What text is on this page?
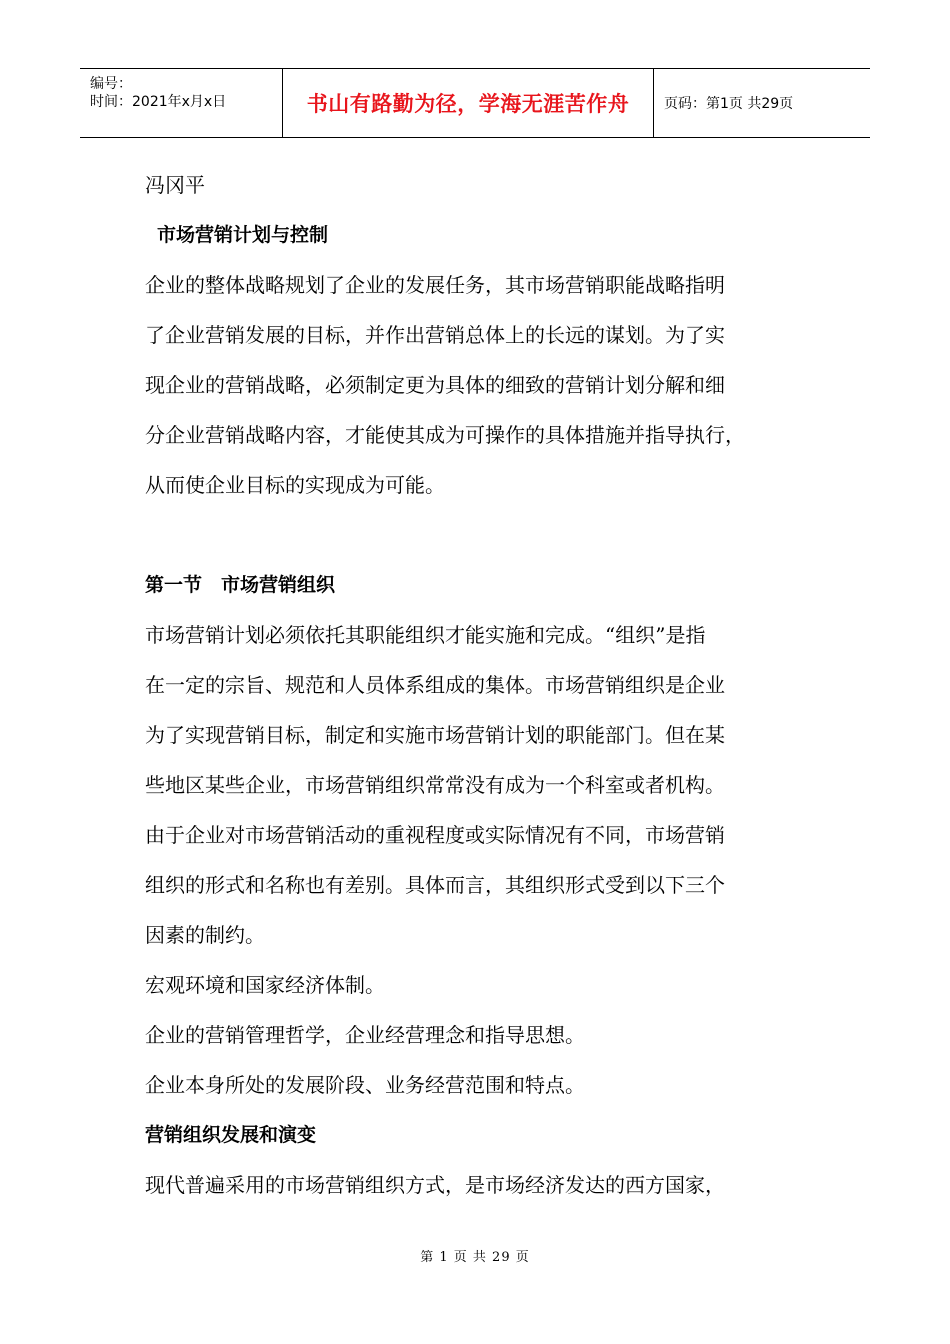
编号：
时间：2021年x月x日	书山有路勤为径，学海无涯苦作舟	页码：第1页 共29页
冯冈平
市场营销计划与控制
企业的整体战略规划了企业的发展任务，其市场营销职能战略指明
了企业营销发展的目标，并作出营销总体上的长远的谋划。为了实
现企业的营销战略，必须制定更为具体的细致的营销计划分解和细
分企业营销战略内容，才能使其成为可操作的具体措施并指导执行，
从而使企业目标的实现成为可能。
第一节　市场营销组织
市场营销计划必须依托其职能组织才能实施和完成。“组织”是指
在一定的宗旨、规范和人员体系组成的集体。市场营销组织是企业
为了实现营销目标，制定和实施市场营销计划的职能部门。但在某
些地区某些企业，市场营销组织常常没有成为一个科室或者机构。
由于企业对市场营销活动的重视程度或实际情况有不同，市场营销
组织的形式和名称也有差别。具体而言，其组织形式受到以下三个
因素的制约。
宏观环境和国家经济体制。
企业的营销管理哲学，企业经营理念和指导思想。
企业本身所处的发展阶段、业务经营范围和特点。
营销组织发展和演变
现代普遍采用的市场营销组织方式，是市场经济发达的西方国家，
第 1 页 共 29 页
